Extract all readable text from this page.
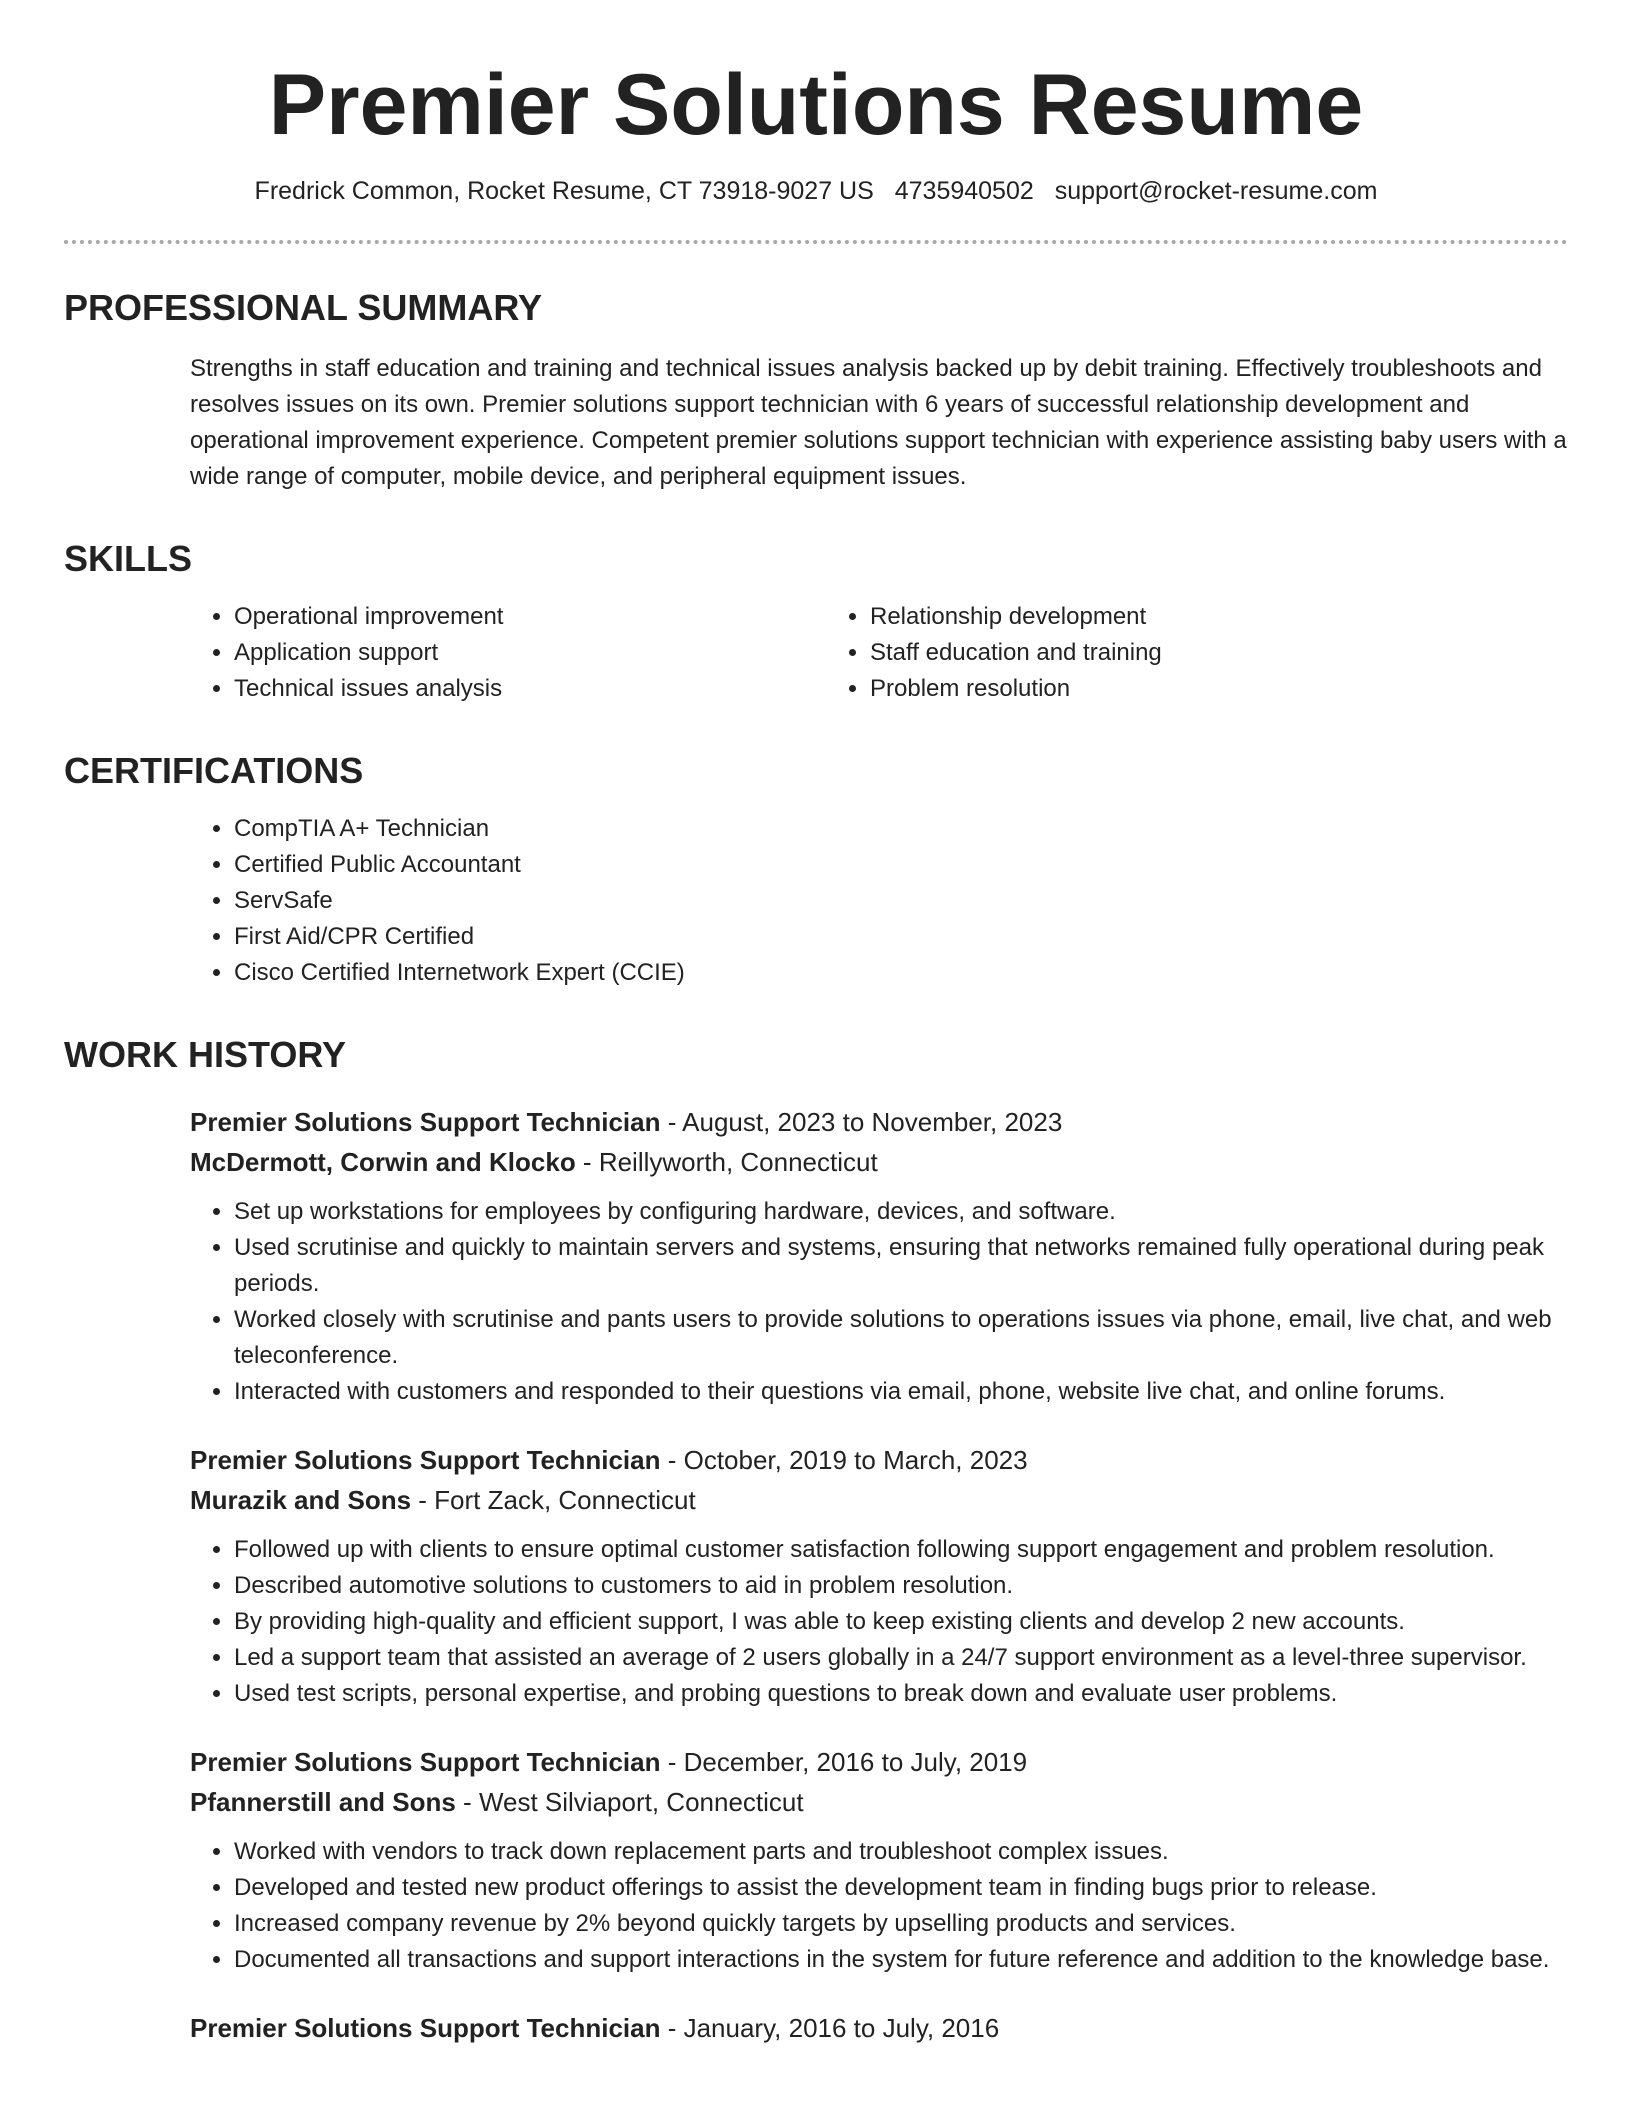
Premier Solutions Resume
Fredrick Common, Rocket Resume, CT 73918-9027 US 4735940502 support@rocket-resume.com
PROFESSIONAL SUMMARY

Strengths in staff education and training and technical issues analysis backed up by debit training. Effectively troubleshoots and resolves issues on its own. Premier solutions support technician with 6 years of successful relationship development and operational improvement experience. Competent premier solutions support technician with experience assisting baby users with a wide range of computer, mobile device, and peripheral equipment issues.

SKILLS
• Operational improvement
• Application support
• Technical issues analysis
• Relationship development
• Staff education and training
• Problem resolution
CERTIFICATIONS
• CompTIA A+ Technician
• Certified Public Accountant
• ServSafe
• First Aid/CPR Certified
• Cisco Certified Internetwork Expert (CCIE)
WORK HISTORY
Premier Solutions Support Technician - August, 2023 to November, 2023
McDermott, Corwin and Klocko - Reillyworth, Connecticut
• Set up workstations for employees by configuring hardware, devices, and software.
• Used scrutinise and quickly to maintain servers and systems, ensuring that networks remained fully operational during peak periods.
• Worked closely with scrutinise and pants users to provide solutions to operations issues via phone, email, live chat, and web teleconference.
• Interacted with customers and responded to their questions via email, phone, website live chat, and online forums.
Premier Solutions Support Technician - October, 2019 to March, 2023
Murazik and Sons - Fort Zack, Connecticut
• Followed up with clients to ensure optimal customer satisfaction following support engagement and problem resolution.
• Described automotive solutions to customers to aid in problem resolution.
• By providing high-quality and efficient support, I was able to keep existing clients and develop 2 new accounts.
• Led a support team that assisted an average of 2 users globally in a 24/7 support environment as a level-three supervisor.
• Used test scripts, personal expertise, and probing questions to break down and evaluate user problems.
Premier Solutions Support Technician - December, 2016 to July, 2019
Pfannerstill and Sons - West Silviaport, Connecticut
• Worked with vendors to track down replacement parts and troubleshoot complex issues.
• Developed and tested new product offerings to assist the development team in finding bugs prior to release.
• Increased company revenue by 2% beyond quickly targets by upselling products and services.
• Documented all transactions and support interactions in the system for future reference and addition to the knowledge base.
Premier Solutions Support Technician - January, 2016 to July, 2016
